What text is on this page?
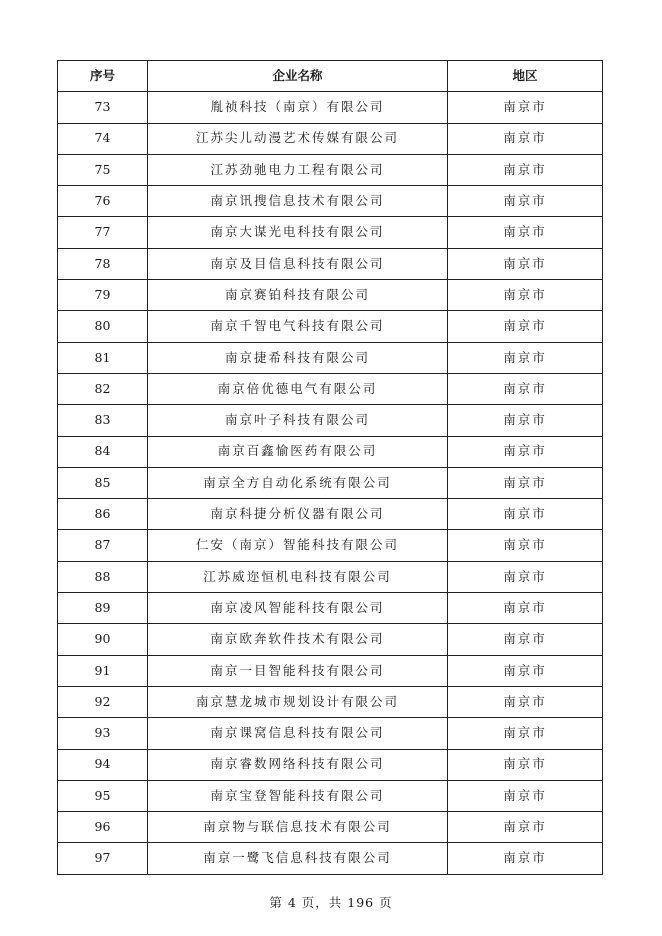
序号	企业名称	地区
73	胤祯科技（南京）有限公司	南京市
74	江苏尖儿动漫艺术传媒有限公司	南京市
75	江苏劲驰电力工程有限公司	南京市
76	南京讯搜信息技术有限公司	南京市
77	南京大谋光电科技有限公司	南京市
78	南京及目信息科技有限公司	南京市
79	南京赛铂科技有限公司	南京市
80	南京千智电气科技有限公司	南京市
81	南京捷希科技有限公司	南京市
82	南京倍优德电气有限公司	南京市
83	南京叶子科技有限公司	南京市
84	南京百鑫愉医药有限公司	南京市
85	南京全方自动化系统有限公司	南京市
86	南京科捷分析仪器有限公司	南京市
87	仁安（南京）智能科技有限公司	南京市
88	江苏威迩恒机电科技有限公司	南京市
89	南京凌风智能科技有限公司	南京市
90	南京欧奔软件技术有限公司	南京市
91	南京一目智能科技有限公司	南京市
92	南京慧龙城市规划设计有限公司	南京市
93	南京课窝信息科技有限公司	南京市
94	南京睿数网络科技有限公司	南京市
95	南京宝登智能科技有限公司	南京市
96	南京物与联信息技术有限公司	南京市
97	南京一鹭飞信息科技有限公司	南京市
第 4 页，共 196 页
